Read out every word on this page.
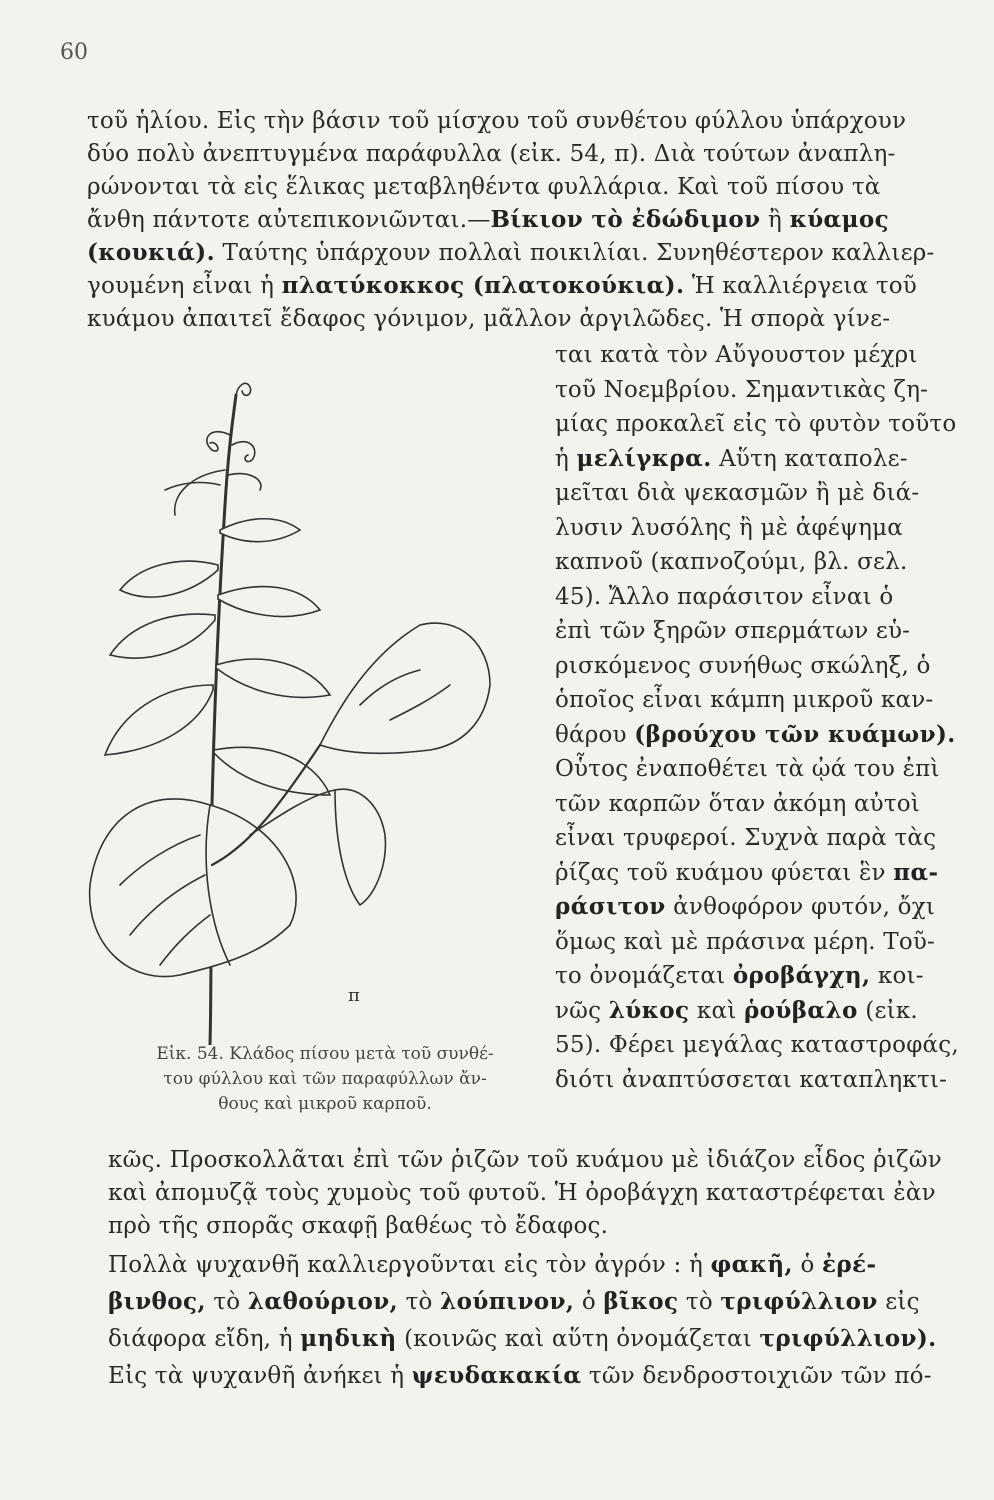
60
τοῦ ἡλίου. Εἰς τὴν βάσιν τοῦ μίσχου τοῦ συνθέτου φύλλου ὑπάρχουν
δύο πολὺ ἀνεπτυγμένα παράφυλλα (εἰκ. 54, π). Διὰ τούτων ἀναπλη-
ρώνονται τὰ εἰς ἕλικας μεταβληθέντα φυλλάρια. Καὶ τοῦ πίσου τὰ
ἄνθη πάντοτε αὐτεπικονιῶνται.—Βίκιον τὸ ἐδώδιμον ἢ κύαμος
(κουκιά). Ταύτης ὑπάρχουν πολλαὶ ποικιλίαι. Συνηθέστερον καλλιερ-
γουμένη εἶναι ἡ πλατύκοκκος (πλατοκούκια). Ἡ καλλιέργεια τοῦ
κυάμου ἀπαιτεῖ ἔδαφος γόνιμον, μᾶλλον ἀργιλῶδες. Ἡ σπορὰ γίνε-
ται κατὰ τὸν Αὔγουστον μέχρι
τοῦ Νοεμβρίου. Σημαντικὰς ζη-
μίας προκαλεῖ εἰς τὸ φυτὸν τοῦτο
ἡ μελίγκρα. Αὕτη καταπολε-
μεῖται διὰ ψεκασμῶν ἢ μὲ διά-
λυσιν λυσόλης ἢ μὲ ἀφέψημα
καπνοῦ (καπνοζούμι, βλ. σελ.
45). Ἄλλο παράσιτον εἶναι ὁ
ἐπὶ τῶν ξηρῶν σπερμάτων εὑ-
ρισκόμενος συνήθως σκώληξ, ὁ
ὁποῖος εἶναι κάμπη μικροῦ καν-
θάρου (βρούχου τῶν κυάμων).
Οὗτος ἐναποθέτει τὰ ᾠά του ἐπὶ
τῶν καρπῶν ὅταν ἀκόμη αὐτοὶ
εἶναι τρυφεροί. Συχνὰ παρὰ τὰς
ῥίζας τοῦ κυάμου φύεται ἓν πα-
ράσιτον ἀνθοφόρον φυτόν, ὄχι
ὅμως καὶ μὲ πράσινα μέρη. Τοῦ-
το ὀνομάζεται ὀροβάγχη, κοι-
νῶς λύκος καὶ ῥούβαλο (εἰκ.
55). Φέρει μεγάλας καταστροφάς,
διότι ἀναπτύσσεται καταπληκτι-
κῶς. Προσκολλᾶται ἐπὶ τῶν ῥιζῶν τοῦ κυάμου μὲ ἰδιάζον εἶδος ῥιζῶν
καὶ ἀπομυζᾷ τοὺς χυμοὺς τοῦ φυτοῦ. Ἡ ὀροβάγχη καταστρέφεται ἐὰν
πρὸ τῆς σπορᾶς σκαφῇ βαθέως τὸ ἔδαφος.
Πολλὰ ψυχανθῆ καλλιεργοῦνται εἰς τὸν ἀγρόν : ἡ φακῆ, ὁ ἐρέ-
βινθος, τὸ λαθούριον, τὸ λούπινον, ὁ βῖκος τὸ τριφύλλιον εἰς
διάφορα εἴδη, ἡ μηδικὴ (κοινῶς καὶ αὕτη ὀνομάζεται τριφύλλιον).
Εἰς τὰ ψυχανθῆ ἀνήκει ἡ ψευδακακία τῶν δενδροστοιχιῶν τῶν πό-
π
Εἰκ. 54. Κλάδος πίσου μετὰ τοῦ συνθέ-
του φύλλου καὶ τῶν παραφύλλων ἄν-
θους καὶ μικροῦ καρποῦ.
